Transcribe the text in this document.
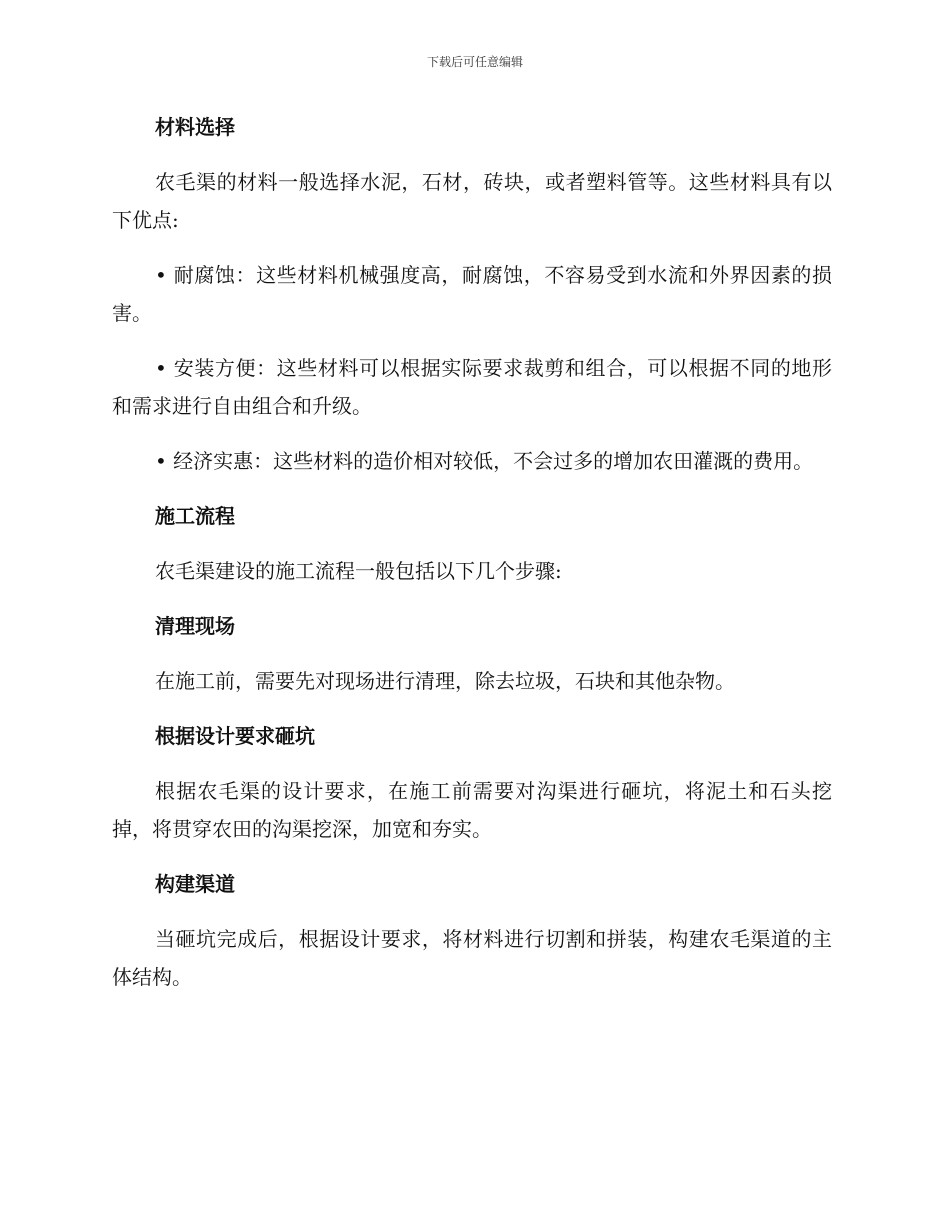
下载后可任意编辑
材料选择

农毛渠的材料一般选择水泥，石材，砖块，或者塑料管等。这些材料具有以下优点:

• 耐腐蚀：这些材料机械强度高，耐腐蚀，不容易受到水流和外界因素的损害。

• 安装方便：这些材料可以根据实际要求裁剪和组合，可以根据不同的地形和需求进行自由组合和升级。

• 经济实惠：这些材料的造价相对较低，不会过多的增加农田灌溉的费用。

施工流程

农毛渠建设的施工流程一般包括以下几个步骤:

清理现场

在施工前，需要先对现场进行清理，除去垃圾，石块和其他杂物。

根据设计要求砸坑

根据农毛渠的设计要求，在施工前需要对沟渠进行砸坑，将泥土和石头挖掉，将贯穿农田的沟渠挖深，加宽和夯实。

构建渠道

当砸坑完成后，根据设计要求，将材料进行切割和拼装，构建农毛渠道的主体结构。
